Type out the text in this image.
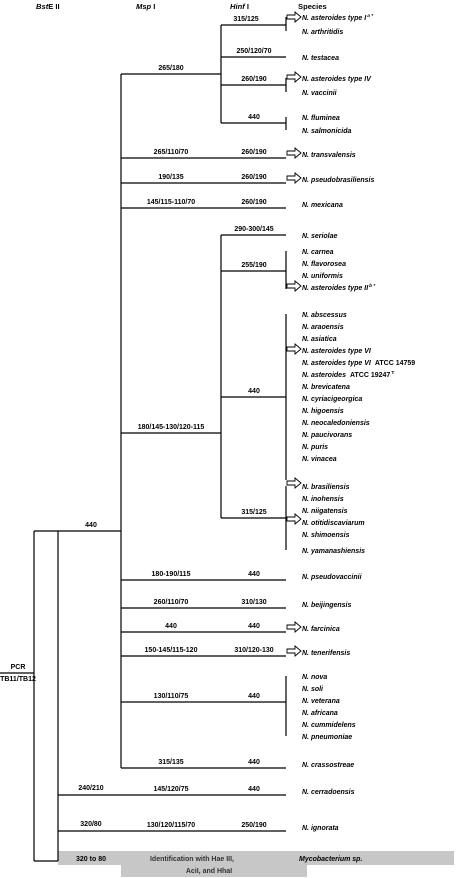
BstE II	Msp I	Hinf I	Species
PCR
TB11/TB12
440
240/210
320/80
320 to 80
265/180
265/110/70
190/135
145/115-110/70
180/145-130/120-115
180-190/115
260/110/70
440
150-145/115-120
130/110/75
315/135
145/120/75
130/120/115/70
315/125
250/120/70
260/190
440
260/190
260/190
260/190
290-300/145
255/190
440
315/125
440
310/130
440
310/120-130
440
440
440
250/190
N. asteroides type $I^{a *}$
N. arthritidis
N. testacea
N. asteroides type IV
N. vaccinii
N. fluminea
N. salmonicida
N. transvalensis
N. pseudobrasiliensis
N. mexicana
N. seriolae
N. carnea
N. flavorosea
N. uniformis
N. asteroides type $II^{b *}$
N. abscessus
N. araoensis
N. asiatica
N. asteroides type VI
N. asteroides type VI ATCC 14759
N. asteroides ATCC $19247^T$
N. brevicatena
N. cyriacigeorgica
N. higoensis
N. neocaledoniensis
N. paucivorans
N. puris
N. vinacea
N. brasiliensis
N. inohensis
N. niigatensis
N. otitidiscaviarum
N. shimoensis
N. yamanashiensis
N. pseudovaccinii
N. beijingensis
N. farcinica
N. tenerifensis
N. nova
N. soli
N. veterana
N. africana
N. cummidelens
N. pneumoniae
N. crassostreae
N. cerradoensis
N. ignorata
Mycobacterium sp.
Identification with Hae III,
AciI, and HhaI
